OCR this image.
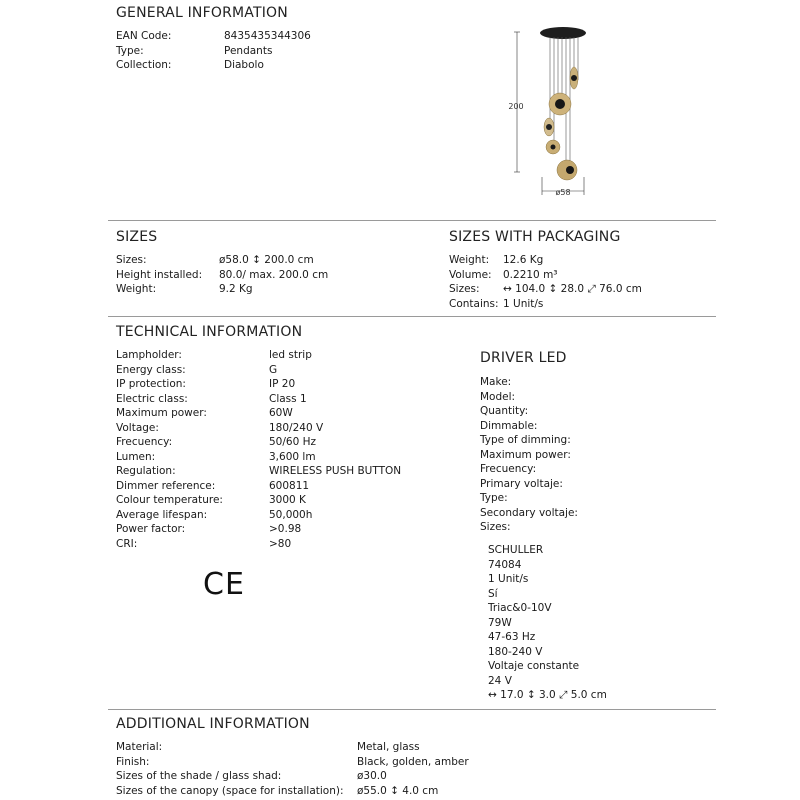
GENERAL INFORMATION
EAN Code:
Type:
Collection:
8435435344306
Pendants
Diabolo
200
ø58
SIZES
Sizes:
Height installed:
Weight:
ø58.0 ↕ 200.0 cm
80.0/ max. 200.0 cm
9.2 Kg
SIZES WITH PACKAGING
Weight:
Volume:
Sizes:
Contains:
12.6 Kg
0.2210 m³
↔ 104.0 ↕ 28.0 ⤢ 76.0 cm
1 Unit/s
TECHNICAL INFORMATION
Lampholder:
Energy class:
IP protection:
Electric class:
Maximum power:
Voltage:
Frecuency:
Lumen:
Regulation:
Dimmer reference:
Colour temperature:
Average lifespan:
Power factor:
CRI:
led strip
G
IP 20
Class 1
60W
180/240 V
50/60 Hz
3,600 lm
WIRELESS PUSH BUTTON
600811
3000 K
50,000h
>0.98
>80
CE
DRIVER LED
Make:
Model:
Quantity:
Dimmable:
Type of dimming:
Maximum power:
Frecuency:
Primary voltaje:
Type:
Secondary voltaje:
Sizes:
SCHULLER
74084
1 Unit/s
Sí
Triac&0-10V
79W
47-63 Hz
180-240 V
Voltaje constante
24 V
↔ 17.0 ↕ 3.0 ⤢ 5.0 cm
ADDITIONAL INFORMATION
Material:
Finish:
Sizes of the shade / glass shad:
Sizes of the canopy (space for installation):
Metal, glass
Black, golden, amber
ø30.0
ø55.0 ↕ 4.0 cm
